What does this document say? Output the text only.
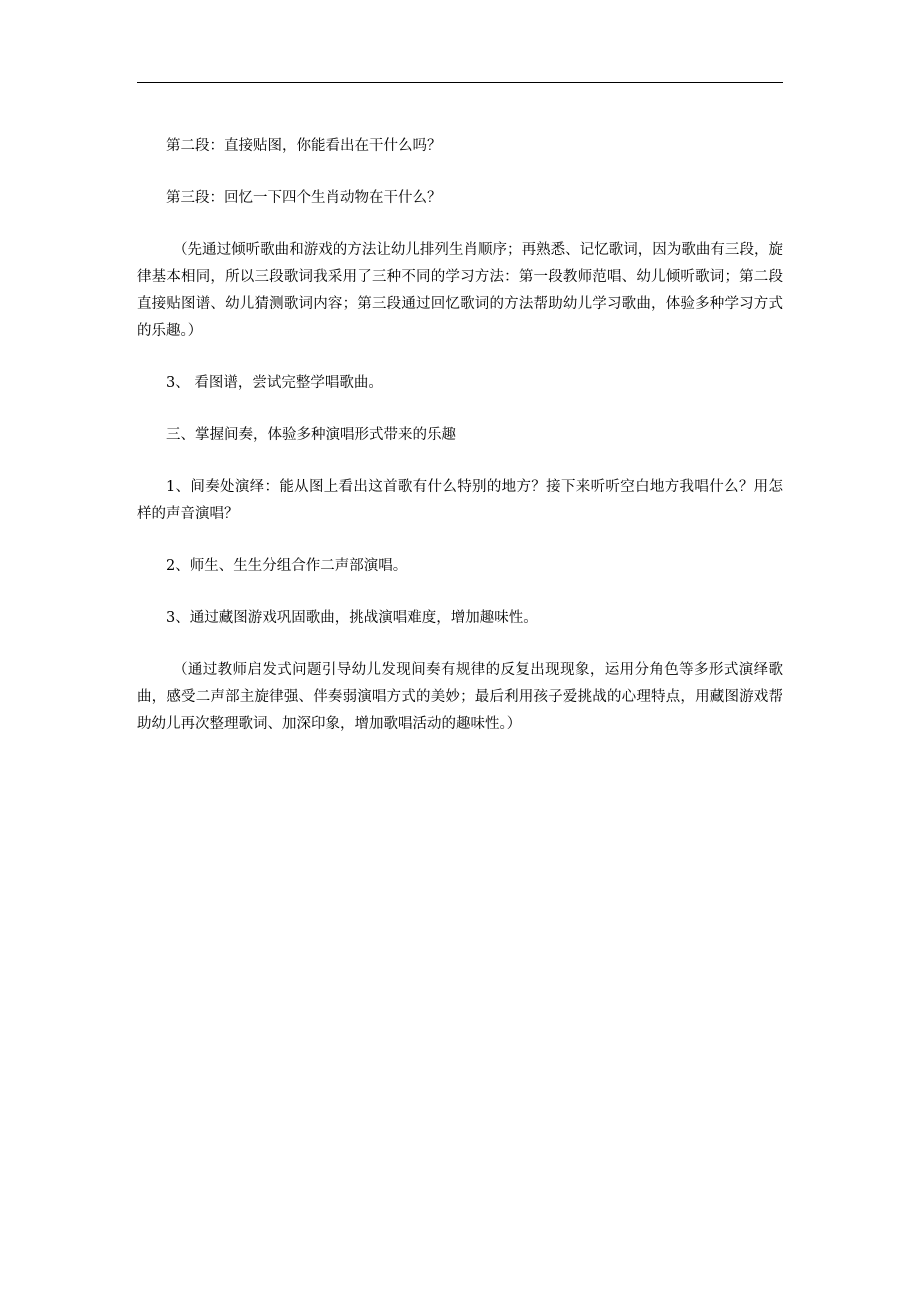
第二段：直接贴图，你能看出在干什么吗？

第三段：回忆一下四个生肖动物在干什么？

（先通过倾听歌曲和游戏的方法让幼儿排列生肖顺序；再熟悉、记忆歌词，因为歌曲有三段，旋律基本相同，所以三段歌词我采用了三种不同的学习方法：第一段教师范唱、幼儿倾听歌词；第二段直接贴图谱、幼儿猜测歌词内容；第三段通过回忆歌词的方法帮助幼儿学习歌曲，体验多种学习方式的乐趣。）

3、 看图谱，尝试完整学唱歌曲。

三、掌握间奏，体验多种演唱形式带来的乐趣

1、间奏处演绎：能从图上看出这首歌有什么特别的地方？接下来听听空白地方我唱什么？用怎样的声音演唱？

2、师生、生生分组合作二声部演唱。

3、通过藏图游戏巩固歌曲，挑战演唱难度，增加趣味性。

（通过教师启发式问题引导幼儿发现间奏有规律的反复出现现象，运用分角色等多形式演绎歌曲，感受二声部主旋律强、伴奏弱演唱方式的美妙；最后利用孩子爱挑战的心理特点，用藏图游戏帮助幼儿再次整理歌词、加深印象，增加歌唱活动的趣味性。）
